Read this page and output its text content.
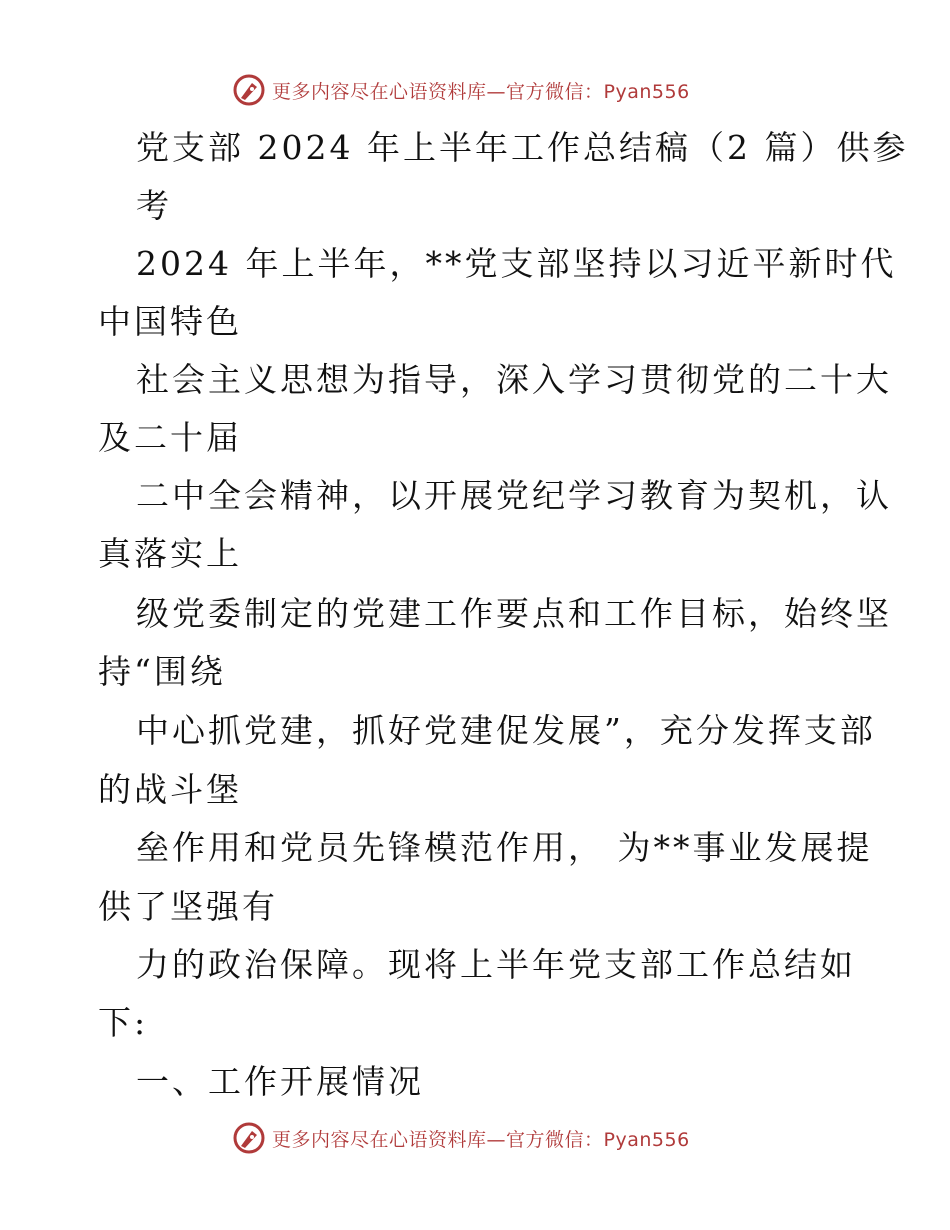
更多内容尽在心语资料库—官方微信：Pyan556
党支部 2024 年上半年工作总结稿（2 篇）供参
考
2024 年上半年，**党支部坚持以习近平新时代
中国特色
社会主义思想为指导，深入学习贯彻党的二十大
及二十届
二中全会精神，以开展党纪学习教育为契机，认
真落实上
级党委制定的党建工作要点和工作目标，始终坚
持“围绕
中心抓党建，抓好党建促发展”，充分发挥支部
的战斗堡
垒作用和党员先锋模范作用， 为**事业发展提
供了坚强有
力的政治保障。现将上半年党支部工作总结如
下:
一、工作开展情况
更多内容尽在心语资料库—官方微信：Pyan556
